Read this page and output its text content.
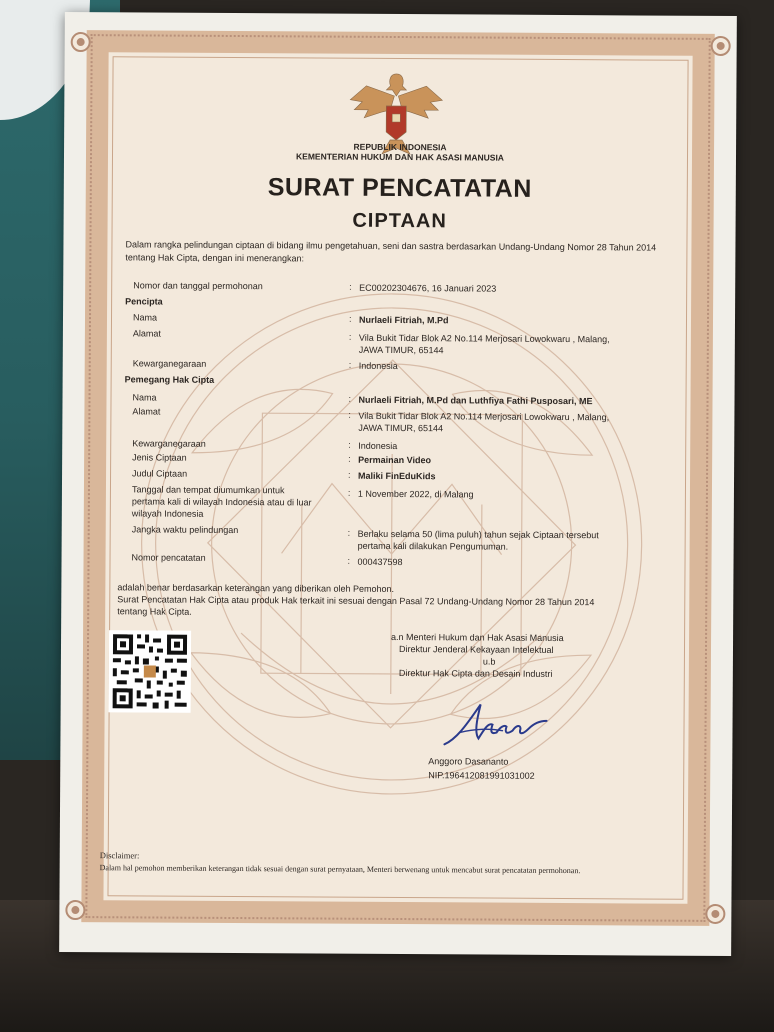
REPUBLIK INDONESIA
KEMENTERIAN HUKUM DAN HAK ASASI MANUSIA
SURAT PENCATATAN
CIPTAAN
Dalam rangka pelindungan ciptaan di bidang ilmu pengetahuan, seni dan sastra berdasarkan Undang-Undang Nomor 28 Tahun 2014 tentang Hak Cipta, dengan ini menerangkan:
Nomor dan tanggal permohonan	: EC00202304676, 16 Januari 2023
Pencipta
Nama	: Nurlaeli Fitriah, M.Pd
Alamat	: Vila Bukit Tidar Blok A2 No.114 Merjosari Lowokwaru , Malang,
JAWA TIMUR, 65144
Kewarganegaraan	: Indonesia
Pemegang Hak Cipta
Nama	: Nurlaeli Fitriah, M.Pd dan Luthfiya Fathi Pusposari, ME
Alamat	: Vila Bukit Tidar Blok A2 No.114 Merjosari Lowokwaru , Malang,
JAWA TIMUR, 65144
Kewarganegaraan	: Indonesia
Jenis Ciptaan	: Permainan Video
Judul Ciptaan	: Maliki FinEduKids
Tanggal dan tempat diumumkan untuk
pertama kali di wilayah Indonesia atau di luar
wilayah Indonesia
: 1 November 2022, di Malang
Jangka waktu pelindungan	: Berlaku selama 50 (lima puluh) tahun sejak Ciptaan tersebut
pertama kali dilakukan Pengumuman.
Nomor pencatatan	: 000437598
adalah benar berdasarkan keterangan yang diberikan oleh Pemohon.
Surat Pencatatan Hak Cipta atau produk Hak terkait ini sesuai dengan Pasal 72 Undang-Undang Nomor 28 Tahun 2014
tentang Hak Cipta.
a.n Menteri Hukum dan Hak Asasi Manusia
Direktur Jenderal Kekayaan Intelektual
u.b
Direktur Hak Cipta dan Desain Industri
Anggoro Dasananto
NIP.196412081991031002
Disclaimer:
Dalam hal pemohon memberikan keterangan tidak sesuai dengan surat pernyataan, Menteri berwenang untuk mencabut surat pencatatan permohonan.
